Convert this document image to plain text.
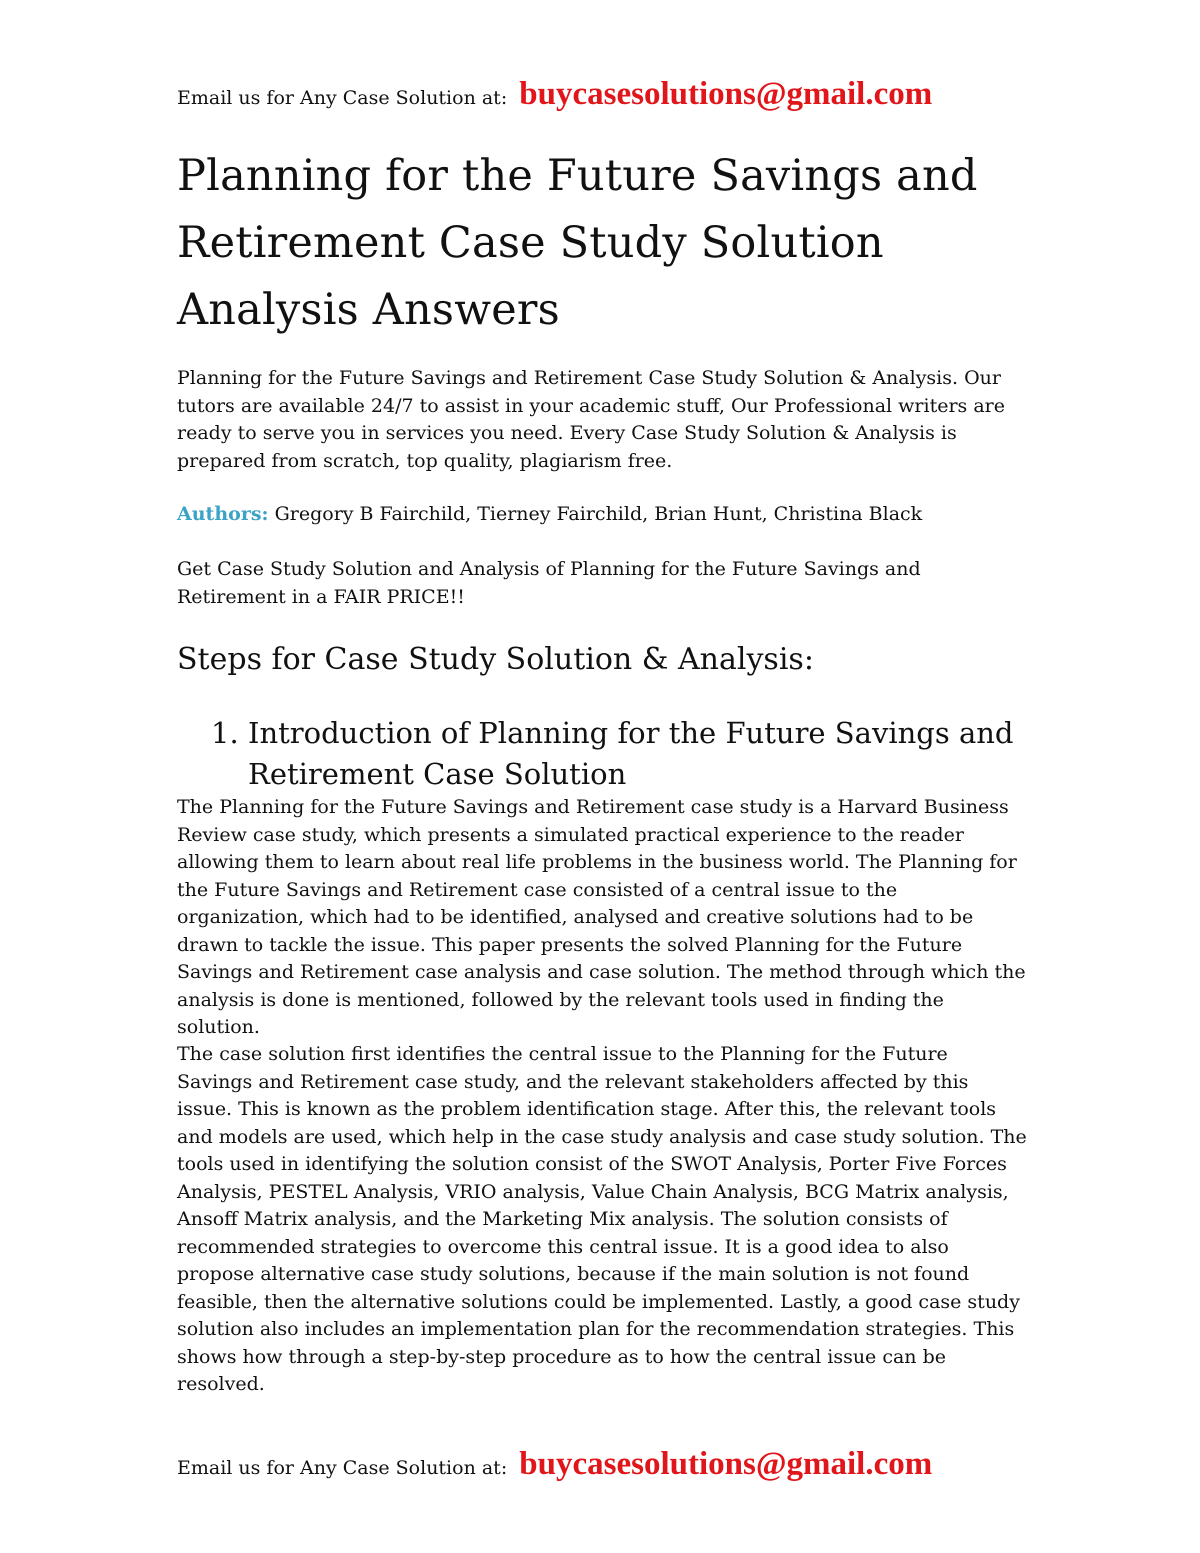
Email us for Any Case Solution at: buycasesolutions@gmail.com
Planning for the Future Savings and Retirement Case Study Solution Analysis Answers

Planning for the Future Savings and Retirement Case Study Solution & Analysis. Our tutors are available 24/7 to assist in your academic stuff, Our Professional writers are ready to serve you in services you need. Every Case Study Solution & Analysis is prepared from scratch, top quality, plagiarism free.

Authors: Gregory B Fairchild, Tierney Fairchild, Brian Hunt, Christina Black

Get Case Study Solution and Analysis of Planning for the Future Savings and Retirement in a FAIR PRICE!!

Steps for Case Study Solution & Analysis:
1. Introduction of Planning for the Future Savings and Retirement Case Solution

The Planning for the Future Savings and Retirement case study is a Harvard Business Review case study, which presents a simulated practical experience to the reader allowing them to learn about real life problems in the business world. The Planning for the Future Savings and Retirement case consisted of a central issue to the organization, which had to be identified, analysed and creative solutions had to be drawn to tackle the issue. This paper presents the solved Planning for the Future Savings and Retirement case analysis and case solution. The method through which the analysis is done is mentioned, followed by the relevant tools used in finding the solution.

The case solution first identifies the central issue to the Planning for the Future Savings and Retirement case study, and the relevant stakeholders affected by this issue. This is known as the problem identification stage. After this, the relevant tools and models are used, which help in the case study analysis and case study solution. The tools used in identifying the solution consist of the SWOT Analysis, Porter Five Forces Analysis, PESTEL Analysis, VRIO analysis, Value Chain Analysis, BCG Matrix analysis, Ansoff Matrix analysis, and the Marketing Mix analysis. The solution consists of recommended strategies to overcome this central issue. It is a good idea to also propose alternative case study solutions, because if the main solution is not found feasible, then the alternative solutions could be implemented. Lastly, a good case study solution also includes an implementation plan for the recommendation strategies. This shows how through a step-by-step procedure as to how the central issue can be resolved.

Email us for Any Case Solution at: buycasesolutions@gmail.com
